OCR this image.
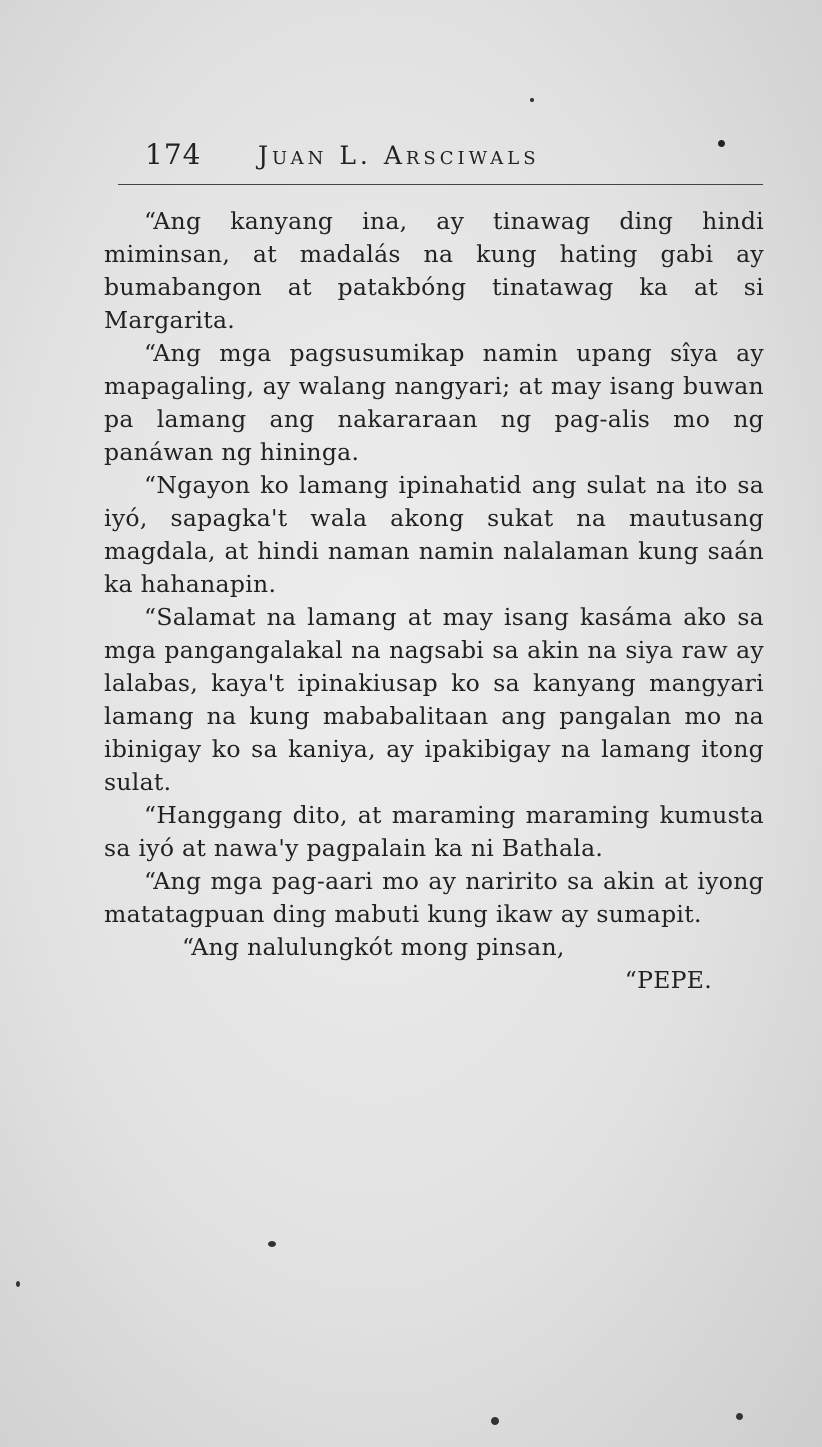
174 Juan L. Arsciwals

“Ang kanyang ina, ay tinawag ding hindi miminsan, at madalás na kung hating gabi ay bumabangon at patakbóng tinatawag ka at si Margarita.

“Ang mga pagsusumikap namin upang sîya ay mapagaling, ay walang nangyari; at may isang buwan pa lamang ang nakararaan ng pag-alis mo ng panáwan ng hininga.

“Ngayon ko lamang ipinahatid ang sulat na ito sa iyó, sapagka't wala akong sukat na mautusang magdala, at hindi naman namin nalalaman kung saán ka hahanapin.

“Salamat na lamang at may isang kasáma ako sa mga pangangalakal na nagsabi sa akin na siya raw ay lalabas, kaya't ipinakiusap ko sa kanyang mangyari lamang na kung mababalitaan ang pangalan mo na ibinigay ko sa kaniya, ay ipakibigay na lamang itong sulat.

“Hanggang dito, at maraming maraming kumusta sa iyó at nawa'y pagpalain ka ni Bathala.

“Ang mga pag-aari mo ay naririto sa akin at iyong matatagpuan ding mabuti kung ikaw ay sumapit.

“Ang nalulungkót mong pinsan,

“PEPE.
